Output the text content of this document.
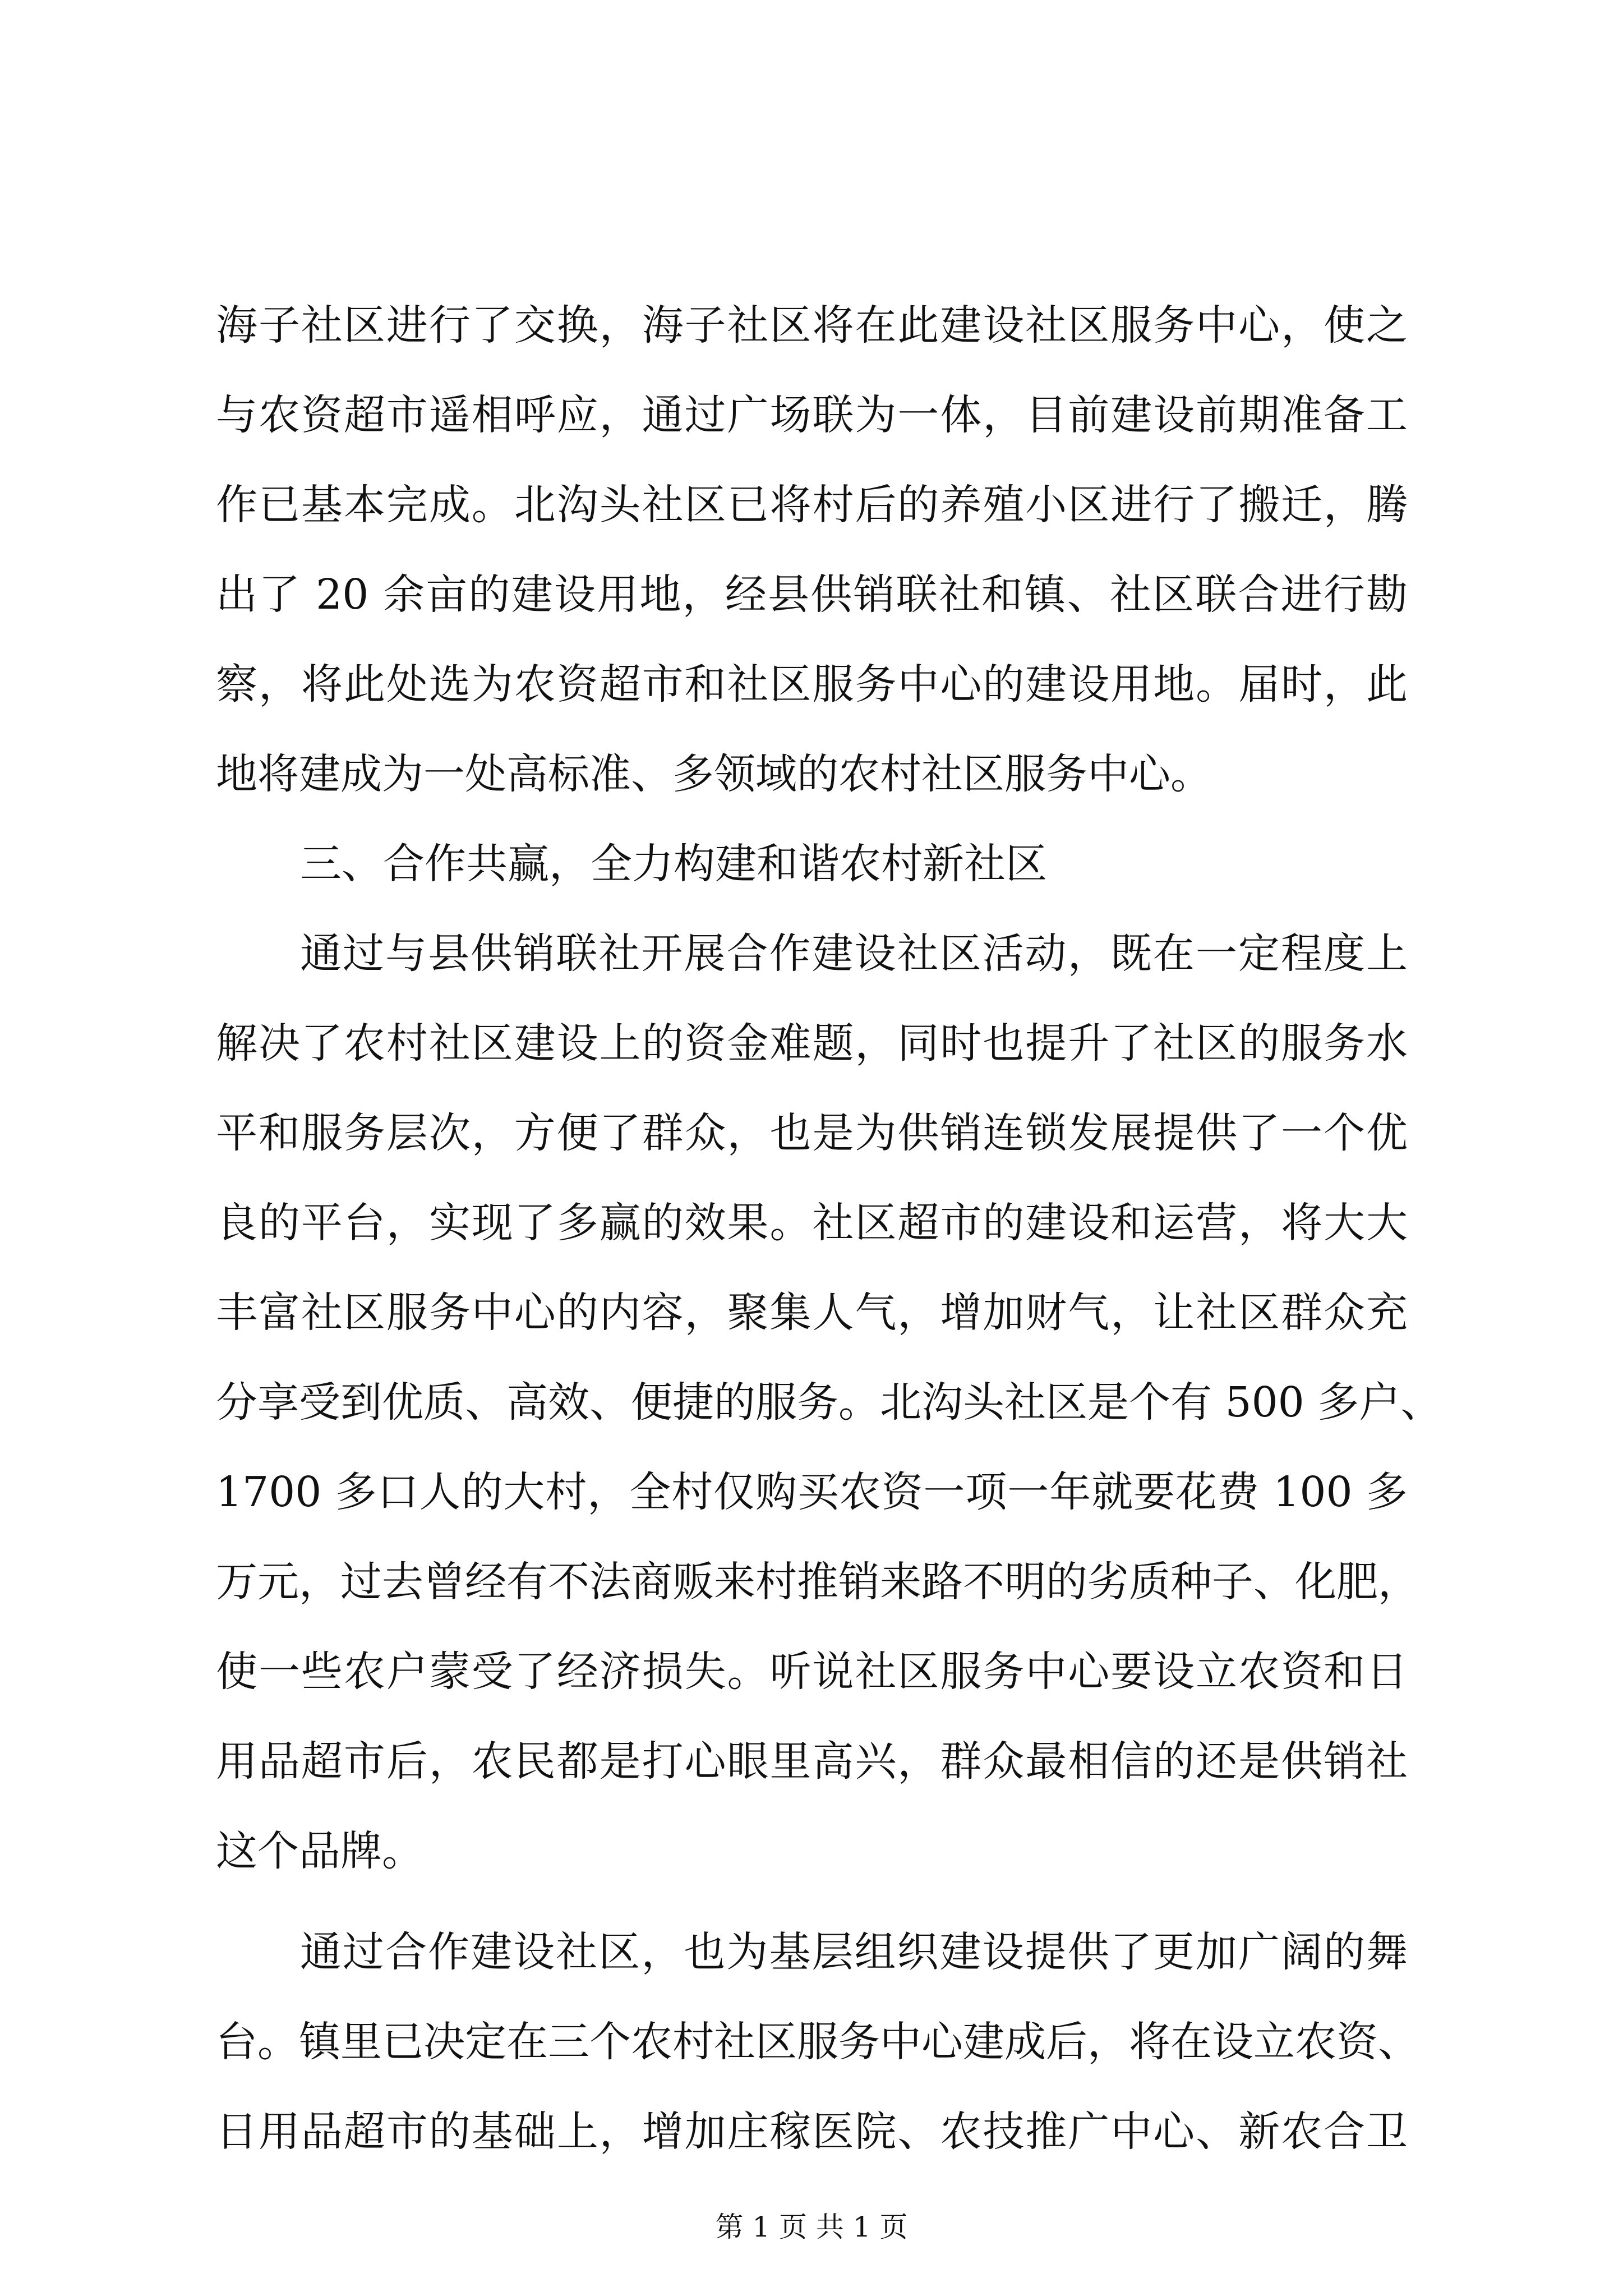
海子社区进行了交换，海子社区将在此建设社区服务中心，使之
与农资超市遥相呼应，通过广场联为一体，目前建设前期准备工
作已基本完成。北沟头社区已将村后的养殖小区进行了搬迁，腾
出了 20 余亩的建设用地，经县供销联社和镇、社区联合进行勘
察，将此处选为农资超市和社区服务中心的建设用地。届时，此
地将建成为一处高标准、多领域的农村社区服务中心。
三、合作共赢，全力构建和谐农村新社区
通过与县供销联社开展合作建设社区活动，既在一定程度上
解决了农村社区建设上的资金难题，同时也提升了社区的服务水
平和服务层次，方便了群众，也是为供销连锁发展提供了一个优
良的平台，实现了多赢的效果。社区超市的建设和运营，将大大
丰富社区服务中心的内容，聚集人气，增加财气，让社区群众充
分享受到优质、高效、便捷的服务。北沟头社区是个有 500 多户、
1700 多口人的大村，全村仅购买农资一项一年就要花费 100 多
万元，过去曾经有不法商贩来村推销来路不明的劣质种子、化肥，
使一些农户蒙受了经济损失。听说社区服务中心要设立农资和日
用品超市后，农民都是打心眼里高兴，群众最相信的还是供销社
这个品牌。
通过合作建设社区，也为基层组织建设提供了更加广阔的舞
第 1 页 共 1 页
台。镇里已决定在三个农村社区服务中心建成后，将在设立农资、
日用品超市的基础上，增加庄稼医院、农技推广中心、新农合卫
